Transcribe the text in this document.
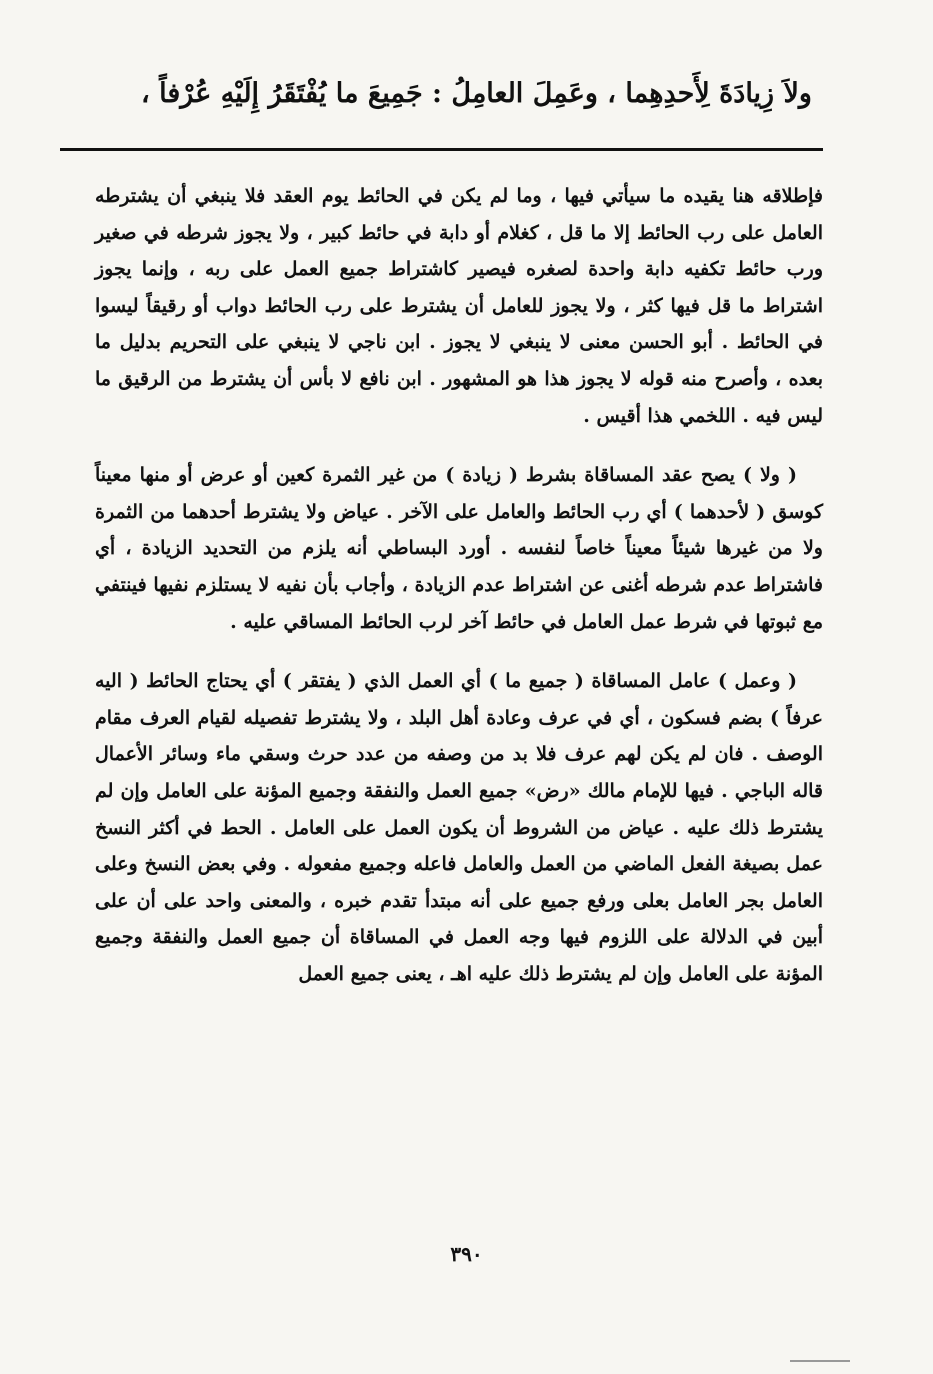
ولاَ زِيادَةَ لِأَحدِهِما ، وعَمِلَ العامِلُ : جَمِيعَ ما يُفْتَقَرُ إِلَيْهِ عُرْفاً ،

فإطلاقه هنا يقيده ما سيأتي فيها ، وما لم يكن في الحائط يوم العقد فلا ينبغي أن يشترطه العامل على رب الحائط إلا ما قل ، كغلام أو دابة في حائط كبير ، ولا يجوز شرطه في صغير ورب حائط تكفيه دابة واحدة لصغره فيصير كاشتراط جميع العمل على ربه ، وإنما يجوز اشتراط ما قل فيها كثر ، ولا يجوز للعامل أن يشترط على رب الحائط دواب أو رقيقاً ليسوا في الحائط . أبو الحسن معنى لا ينبغي لا يجوز . ابن ناجي لا ينبغي على التحريم بدليل ما بعده ، وأصرح منه قوله لا يجوز هذا هو المشهور . ابن نافع لا بأس أن يشترط من الرقيق ما ليس فيه . اللخمي هذا أقيس .

( ولا ) يصح عقد المساقاة بشرط ( زيادة ) من غير الثمرة كعين أو عرض أو منها معيناً كوسق ( لأحدهما ) أي رب الحائط والعامل على الآخر . عياض ولا يشترط أحدهما من الثمرة ولا من غيرها شيئاً معيناً خاصاً لنفسه . أورد البساطي أنه يلزم من التحديد الزيادة ، أي فاشتراط عدم شرطه أغنى عن اشتراط عدم الزيادة ، وأجاب بأن نفيه لا يستلزم نفيها فينتفي مع ثبوتها في شرط عمل العامل في حائط آخر لرب الحائط المساقي عليه .

( وعمل ) عامل المساقاة ( جميع ما ) أي العمل الذي ( يفتقر ) أي يحتاج الحائط ( اليه عرفاً ) بضم فسكون ، أي في عرف وعادة أهل البلد ، ولا يشترط تفصيله لقيام العرف مقام الوصف . فان لم يكن لهم عرف فلا بد من وصفه من عدد حرث وسقي ماء وسائر الأعمال قاله الباجي . فيها للإمام مالك «رض» جميع العمل والنفقة وجميع المؤنة على العامل وإن لم يشترط ذلك عليه . عياض من الشروط أن يكون العمل على العامل . الحط في أكثر النسخ عمل بصيغة الفعل الماضي من العمل والعامل فاعله وجميع مفعوله . وفي بعض النسخ وعلى العامل بجر العامل بعلى ورفع جميع على أنه مبتدأ تقدم خبره ، والمعنى واحد على أن على أبين في الدلالة على اللزوم فيها وجه العمل في المساقاة أن جميع العمل والنفقة وجميع المؤنة على العامل وإن لم يشترط ذلك عليه اهـ ، يعنى جميع العمل

٣٩٠
